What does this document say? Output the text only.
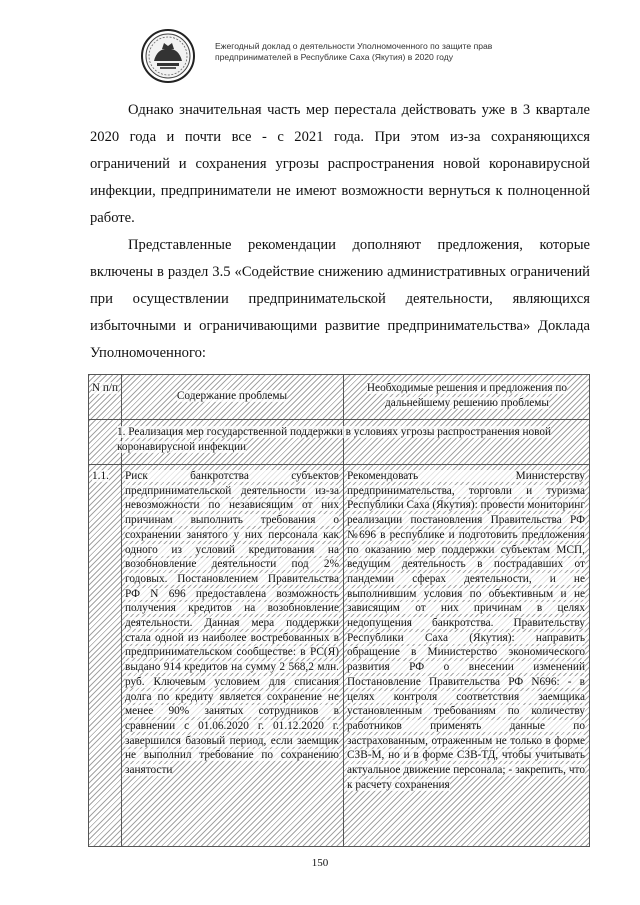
Ежегодный доклад о деятельности Уполномоченного по защите прав
предпринимателей в Республике Саха (Якутия) в 2020 году

Однако значительная часть мер перестала действовать уже в 3 квартале 2020 года и почти все - с 2021 года. При этом из-за сохраняющихся ограничений и сохранения угрозы распространения новой коронавирусной инфекции, предприниматели не имеют возможности вернуться к полноценной работе.

Представленные рекомендации дополняют предложения, которые включены в раздел 3.5 «Содействие снижению административных ограничений при осуществлении предпринимательской деятельности, являющихся избыточными и ограничивающими развитие предпринимательства» Доклада Уполномоченного:

N п/п
Содержание проблемы
Необходимые решения и предложения по дальнейшему решению проблемы
1. Реализация мер государственной поддержки в условиях угрозы распространения новой коронавирусной инфекции
1.1.	Риск банкротства субъектов предпринимательской деятельности из-за невозможности по независящим от них причинам выполнить требования о сохранении занятого у них персонала как одного из условий кредитования на возобновление деятельности под 2% годовых. Постановлением Правительства РФ N 696 предоставлена возможность получения кредитов на возобновление деятельности. Данная мера поддержки стала одной из наиболее востребованных в предпринимательском сообществе: в РС(Я) выдано 914 кредитов на сумму 2 568,2 млн. руб. Ключевым условием для списания долга по кредиту является сохранение не менее 90% занятых сотрудников в сравнении с 01.06.2020 г. 01.12.2020 г. завершился базовый период, если заемщик не выполнил требование по сохранению занятости
Рекомендовать Министерству предпринимательства, торговли и туризма Республики Саха (Якутия): провести мониторинг реализации постановления Правительства РФ №696 в республике и подготовить предложения по оказанию мер поддержки субъектам МСП, ведущим деятельность в пострадавших от пандемии сферах деятельности, и не выполнившим условия по объективным и не зависящим от них причинам в целях недопущения банкротства. Правительству Республики Саха (Якутия): направить обращение в Министерство экономического развития РФ о внесении изменений Постановление Правительства РФ N696: - в целях контроля соответствия заемщика установленным требованиям по количеству работников применять данные по застрахованным, отраженным не только в форме СЗВ-М, но и в форме СЗВ-ТД, чтобы учитывать актуальное движение персонала; - закрепить, что к расчету сохранения
150
